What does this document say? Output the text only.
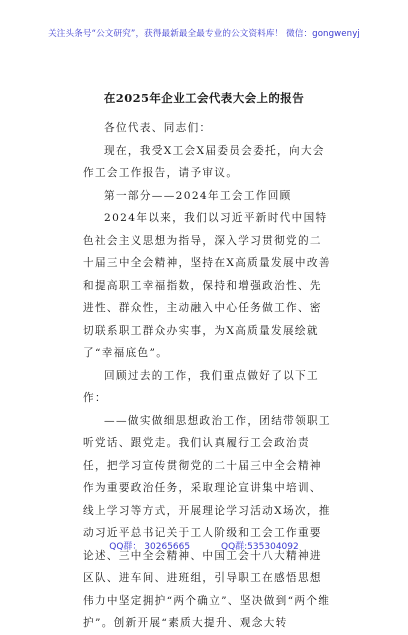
关注头条号“公文研究”，获得最新最全最专业的公文资料库！ 微信：gongwenyj
在2025年企业工会代表大会上的报告

各位代表、同志们：

现在，我受X工会X届委员会委托，向大会作工会工作报告，请予审议。

第一部分——2024年工会工作回顾

2024年以来，我们以习近平新时代中国特色社会主义思想为指导，深入学习贯彻党的二十届三中全会精神，坚持在X高质量发展中改善和提高职工幸福指数，保持和增强政治性、先进性、群众性，主动融入中心任务做工作、密切联系职工群众办实事，为X高质量发展绘就了“幸福底色”。

回顾过去的工作，我们重点做好了以下工作：

——做实做细思想政治工作，团结带领职工听党话、跟党走。我们认真履行工会政治责任，把学习宣传贯彻党的二十届三中全会精神作为重要政治任务，采取理论宣讲集中培训、线上学习等方式，开展理论学习活动X场次，推动习近平总书记关于工人阶级和工会工作重要论述、三中全会精神、中国工会十八大精神进区队、进车间、进班组，引导职工在感悟思想伟力中坚定拥护“两个确立”、坚决做到“两个维护”。创新开展“素质大提升、观念大转

QQ群： 30265665	QQ群:535304092
